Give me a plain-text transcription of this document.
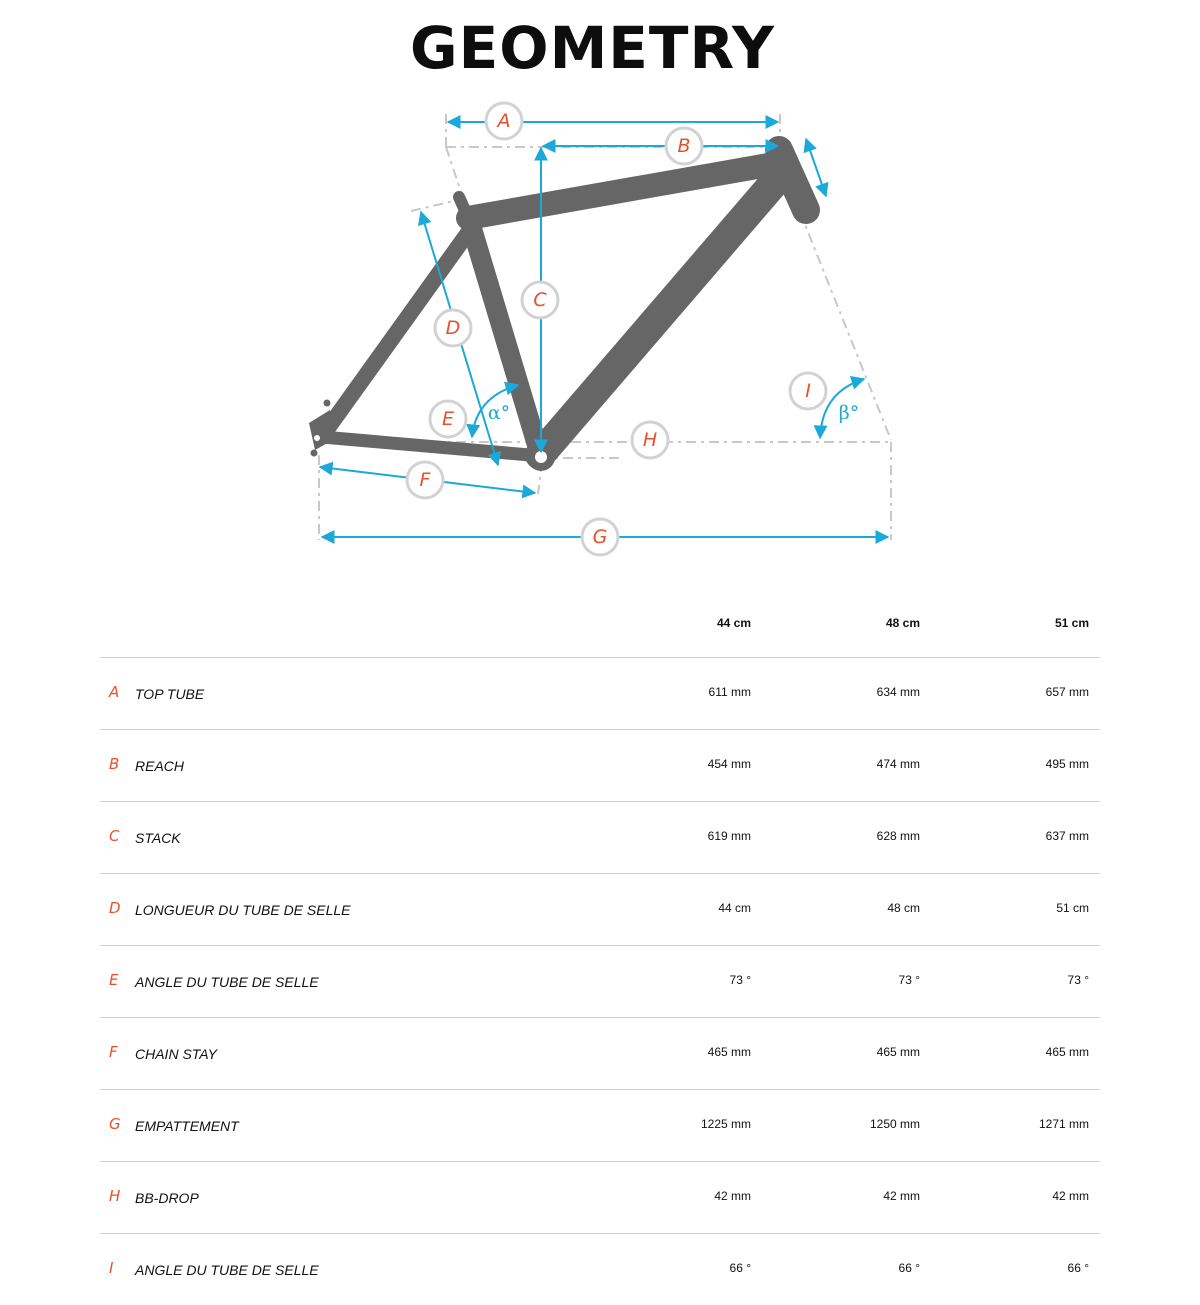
GEOMETRY
A
B
C
D
E
F
G
H
I
α°	β°
44 cm	48 cm	51 cm
A TOP TUBE	611 mm	634 mm	657 mm
B REACH	454 mm	474 mm	495 mm
C STACK	619 mm	628 mm	637 mm
D LONGUEUR DU TUBE DE SELLE	44 cm	48 cm	51 cm
E ANGLE DU TUBE DE SELLE	73 °	73 °	73 °
F CHAIN STAY	465 mm	465 mm	465 mm
G EMPATTEMENT	1225 mm	1250 mm	1271 mm
H BB-DROP	42 mm	42 mm	42 mm
I ANGLE DU TUBE DE SELLE	66 °	66 °	66 °
